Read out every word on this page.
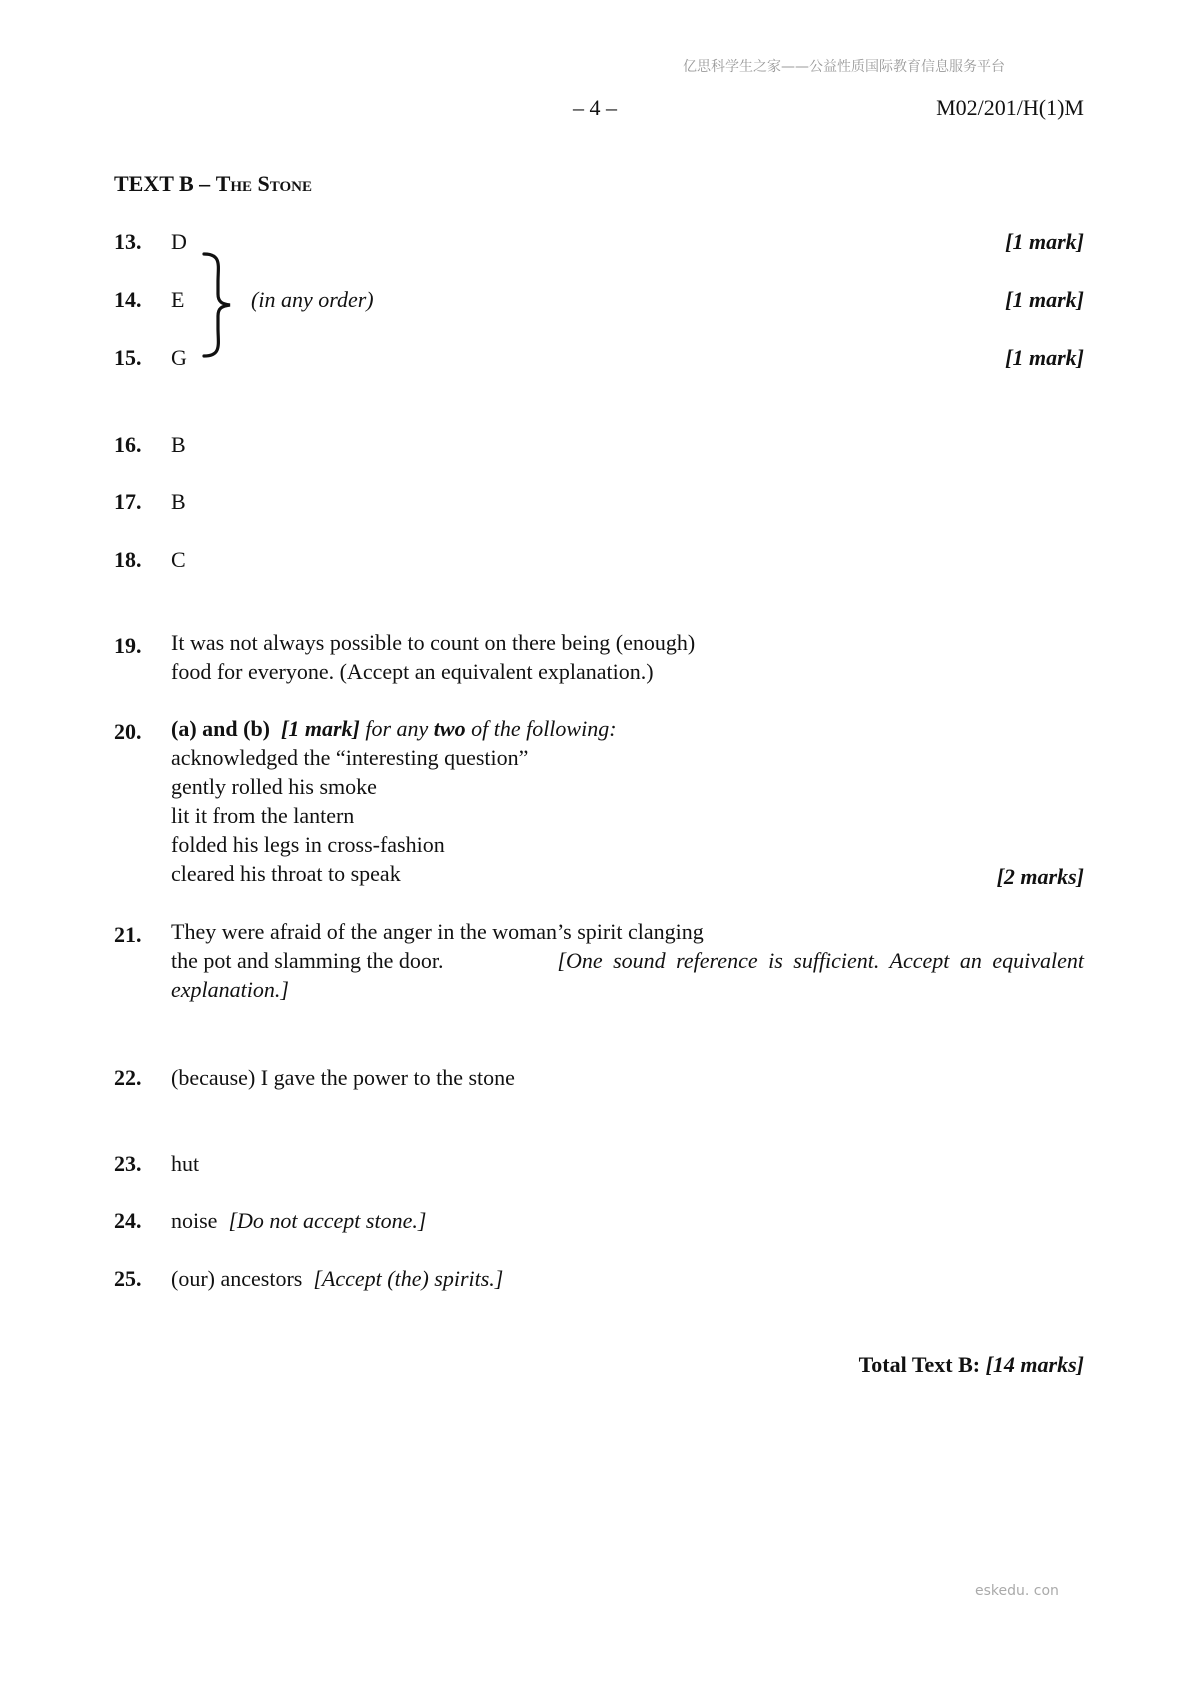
亿思科学生之家——公益性质国际教育信息服务平台
– 4 –	M02/201/H(1)M
TEXT B – The Stone
13.	D	[1 mark]
14.	E	[1 mark]
15.	G	[1 mark]
(in any order)
16.	B
17.	B
18.	C
19.	It was not always possible to count on there being (enough)
food for everyone. (Accept an equivalent explanation.)
20.	(a) and (b) [1 mark] for any two of the following:
acknowledged the “interesting question”
gently rolled his smoke
lit it from the lantern
folded his legs in cross-fashion
cleared his throat to speak	[2 marks]
21.	They were afraid of the anger in the woman’s spirit clanging
the pot and slamming the door.	[One sound reference is sufficient. Accept an equivalent
explanation.]
22.	(because) I gave the power to the stone
23.	hut
24.	noise [Do not accept stone.]
25.	(our) ancestors [Accept (the) spirits.]
Total Text B: [14 marks]
eskedu. con
